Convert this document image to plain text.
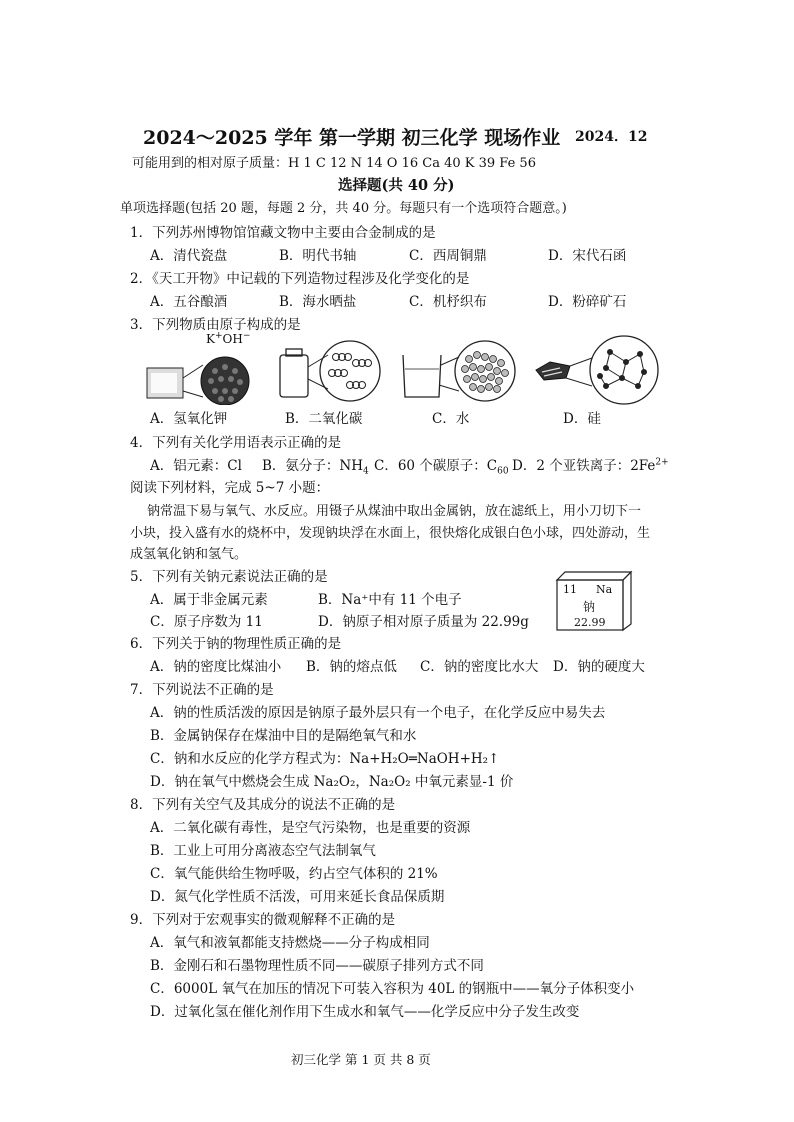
2024～2025 学年 第一学期 初三化学 现场作业 2024．12
可能用到的相对原子质量：H 1 C 12 N 14 O 16 Ca 40 K 39 Fe 56
选择题(共 40 分)
单项选择题(包括 20 题，每题 2 分，共 40 分。每题只有一个选项符合题意。)
1．下列苏州博物馆馆藏文物中主要由合金制成的是
A．清代瓷盘	B．明代书轴	C．西周铜鼎	D．宋代石函
2．《天工开物》中记载的下列造物过程涉及化学变化的是
A．五谷酿酒	B．海水晒盐	C．机杼织布	D．粉碎矿石
3．下列物质由原子构成的是
K+OH−
A．氢氧化钾	B．二氧化碳	C．水	D．硅
4．下列有关化学用语表示正确的是
A．铝元素：Cl B．氨分子：$NH_4$ C．60 个碳原子：$C_{60}$ D．2 个亚铁离子：$2Fe^{2+}$
阅读下列材料，完成 5~7 小题：
钠常温下易与氧气、水反应。用镊子从煤油中取出金属钠，放在滤纸上，用小刀切下一
小块，投入盛有水的烧杯中，发现钠块浮在水面上，很快熔化成银白色小球，四处游动，生
成氢氧化钠和氢气。
5．下列有关钠元素说法正确的是
A．属于非金属元素	B．Na⁺中有 11 个电子
C．原子序数为 11	D．钠原子相对原子质量为 22.99g
11 Na
钠
22.99
6．下列关于钠的物理性质正确的是
A．钠的密度比煤油小 B．钠的熔点低 C．钠的密度比水大 D．钠的硬度大
7．下列说法不正确的是
A．钠的性质活泼的原因是钠原子最外层只有一个电子，在化学反应中易失去
B．金属钠保存在煤油中目的是隔绝氧气和水
C．钠和水反应的化学方程式为：Na+H₂O═NaOH+H₂↑
D．钠在氧气中燃烧会生成 Na₂O₂，Na₂O₂ 中氧元素显-1 价
8．下列有关空气及其成分的说法不正确的是
A．二氧化碳有毒性，是空气污染物，也是重要的资源
B．工业上可用分离液态空气法制氧气
C．氧气能供给生物呼吸，约占空气体积的 21%
D．氮气化学性质不活泼，可用来延长食品保质期
9．下列对于宏观事实的微观解释不正确的是
A．氧气和液氧都能支持燃烧——分子构成相同
B．金刚石和石墨物理性质不同——碳原子排列方式不同
C．6000L 氧气在加压的情况下可装入容积为 40L 的钢瓶中——氧分子体积变小
D．过氧化氢在催化剂作用下生成水和氧气——化学反应中分子发生改变
初三化学 第 1 页 共 8 页
